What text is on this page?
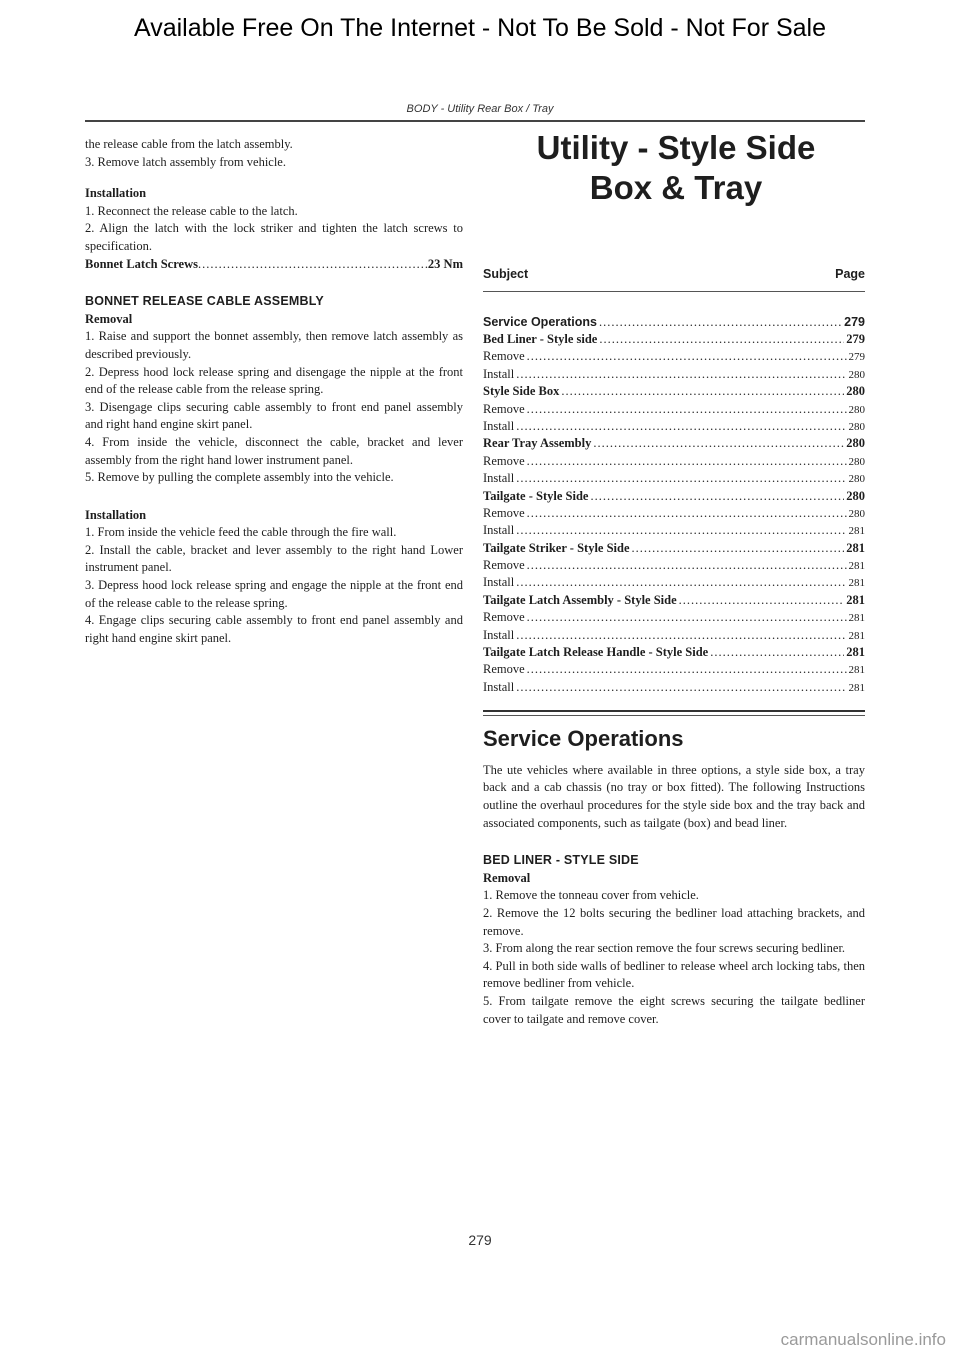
Available Free On The Internet - Not To Be Sold - Not For Sale
BODY - Utility Rear Box / Tray

the release cable from the latch assembly.

3. Remove latch assembly from vehicle.

Installation

1. Reconnect the release cable to the latch.

2. Align the latch with the lock striker and tighten the latch screws to specification.

Bonnet Latch Screws .....	23 Nm

BONNET RELEASE CABLE ASSEMBLY

Removal

1. Raise and support the bonnet assembly, then remove latch assembly as described previously.

2. Depress hood lock release spring and disengage the nipple at the front end of the release cable from the release spring.

3. Disengage clips securing cable assembly to front end panel assembly and right hand engine skirt panel.

4. From inside the vehicle, disconnect the cable, bracket and lever assembly from the right hand lower instrument panel.

5. Remove by pulling the complete assembly into the vehicle.

Installation

1. From inside the vehicle feed the cable through the fire wall.

2. Install the cable, bracket and lever assembly to the right hand Lower instrument panel.

3. Depress hood lock release spring and engage the nipple at the front end of the release cable to the release spring.

4. Engage clips securing cable assembly to front end panel assembly and right hand engine skirt panel.

Utility - Style Side
Box & Tray
Subject	Page
Service Operations .....	279
Bed Liner - Style side .....	279
Remove .....	279
Install .....	280
Style Side Box .....	280
Remove .....	280
Install .....	280
Rear Tray Assembly .....	280
Remove .....	280
Install .....	280
Tailgate - Style Side .....	280
Remove .....	280
Install .....	281
Tailgate Striker - Style Side .....	281
Remove .....	281
Install .....	281
Tailgate Latch Assembly - Style Side .....	281
Remove .....	281
Install .....	281
Tailgate Latch Release Handle - Style Side .....	281
Remove .....	281
Install .....	281
Service Operations

The ute vehicles where available in three options, a style side box, a tray back and a cab chassis (no tray or box fitted). The following Instructions outline the overhaul procedures for the style side box and the tray back and associated components, such as tailgate (box) and bead liner.

BED LINER - STYLE SIDE

Removal

1. Remove the tonneau cover from vehicle.

2. Remove the 12 bolts securing the bedliner load attaching brackets, and remove.

3. From along the rear section remove the four screws securing bedliner.

4. Pull in both side walls of bedliner to release wheel arch locking tabs, then remove bedliner from vehicle.

5. From tailgate remove the eight screws securing the tailgate bedliner cover to tailgate and remove cover.

279
carmanualsonline.info
